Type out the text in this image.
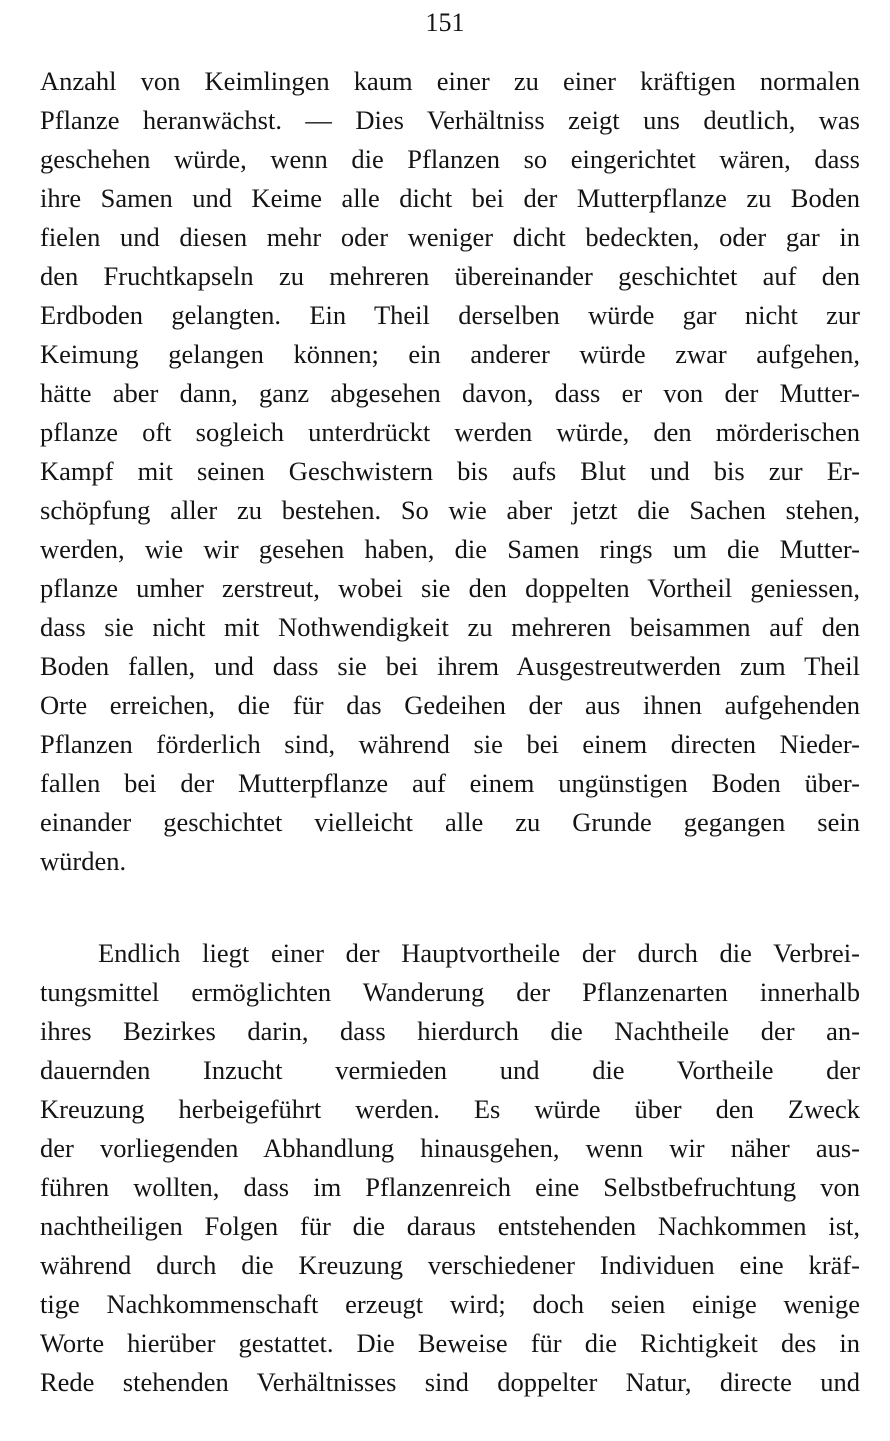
151
Anzahl von Keimlingen kaum einer zu einer kräftigen normalen
Pflanze heranwächst. — Dies Verhältniss zeigt uns deutlich, was
geschehen würde, wenn die Pflanzen so eingerichtet wären, dass
ihre Samen und Keime alle dicht bei der Mutterpflanze zu Boden
fielen und diesen mehr oder weniger dicht bedeckten, oder gar in
den Fruchtkapseln zu mehreren übereinander geschichtet auf den
Erdboden gelangten. Ein Theil derselben würde gar nicht zur
Keimung gelangen können; ein anderer würde zwar aufgehen,
hätte aber dann, ganz abgesehen davon, dass er von der Mutter-
pflanze oft sogleich unterdrückt werden würde, den mörderischen
Kampf mit seinen Geschwistern bis aufs Blut und bis zur Er-
schöpfung aller zu bestehen. So wie aber jetzt die Sachen stehen,
werden, wie wir gesehen haben, die Samen rings um die Mutter-
pflanze umher zerstreut, wobei sie den doppelten Vortheil geniessen,
dass sie nicht mit Nothwendigkeit zu mehreren beisammen auf den
Boden fallen, und dass sie bei ihrem Ausgestreutwerden zum Theil
Orte erreichen, die für das Gedeihen der aus ihnen aufgehenden
Pflanzen förderlich sind, während sie bei einem directen Nieder-
fallen bei der Mutterpflanze auf einem ungünstigen Boden über-
einander geschichtet vielleicht alle zu Grunde gegangen sein
würden.
Endlich liegt einer der Hauptvortheile der durch die Verbrei-
tungsmittel ermöglichten Wanderung der Pflanzenarten innerhalb
ihres Bezirkes darin, dass hierdurch die Nachtheile der an-
dauernden Inzucht vermieden und die Vortheile der
Kreuzung herbeigeführt werden. Es würde über den Zweck
der vorliegenden Abhandlung hinausgehen, wenn wir näher aus-
führen wollten, dass im Pflanzenreich eine Selbstbefruchtung von
nachtheiligen Folgen für die daraus entstehenden Nachkommen ist,
während durch die Kreuzung verschiedener Individuen eine kräf-
tige Nachkommenschaft erzeugt wird; doch seien einige wenige
Worte hierüber gestattet. Die Beweise für die Richtigkeit des in
Rede stehenden Verhältnisses sind doppelter Natur, directe und
